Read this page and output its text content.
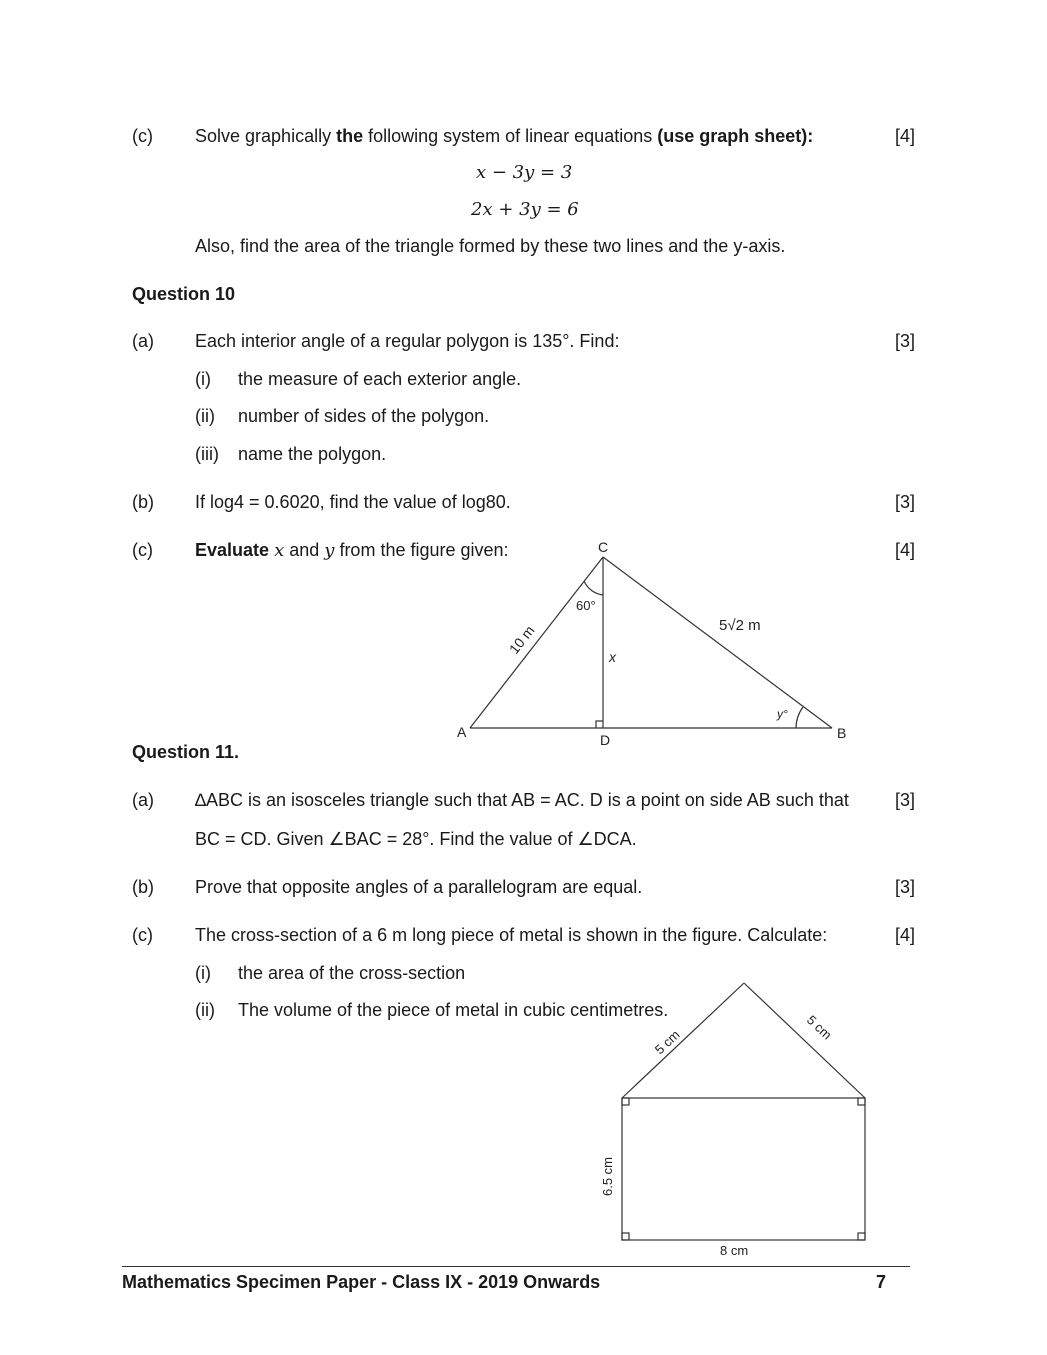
(c) Solve graphically the following system of linear equations (use graph sheet):	[4]
x − 3y = 3
2x + 3y = 6
Also, find the area of the triangle formed by these two lines and the y-axis.
Question 10
(a) Each interior angle of a regular polygon is 135°. Find:	[3]
(i) the measure of each exterior angle.
(ii) number of sides of the polygon.
(iii) name the polygon.
(b) If log4 = 0.6020, find the value of log80.	[3]
(c) Evaluate x and y from the figure given:	[4]
C
A	B
D
60°
10 m	5√2 m
x
y°
Question 11.
(a) ∆ABC is an isosceles triangle such that AB = AC. D is a point on side AB such that	[3]
BC = CD. Given ∠BAC = 28°. Find the value of ∠DCA.
(b) Prove that opposite angles of a parallelogram are equal.	[3]
(c) The cross-section of a 6 m long piece of metal is shown in the figure. Calculate:	[4]
(i) the area of the cross-section
(ii) The volume of the piece of metal in cubic centimetres.
5 cm	5 cm
6.5 cm
8 cm
Mathematics Specimen Paper - Class IX - 2019 Onwards	7
